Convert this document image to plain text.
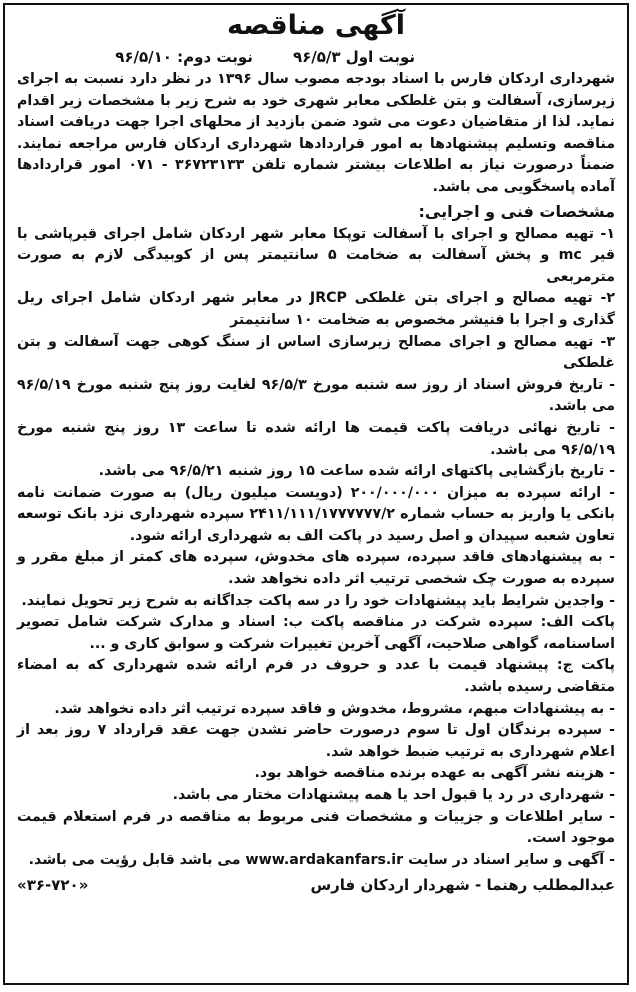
آگهی مناقصه
نوبت اول ۹۶/۵/۳
نوبت دوم: ۹۶/۵/۱۰

شهرداری اردکان فارس با اسناد بودجه مصوب سال ۱۳۹۶ در نظر دارد نسبت به اجرای زیرسازی، آسفالت و بتن غلطکی معابر شهری خود به شرح زیر با مشخصات زیر اقدام نماید. لذا از متقاضیان دعوت می شود ضمن بازدید از محلهای اجرا جهت دریافت اسناد مناقصه وتسلیم پیشنهادها به امور قراردادها شهرداری اردکان فارس مراجعه نمایند. ضمناً درصورت نیاز به اطلاعات بیشتر شماره تلفن ۳۶۷۲۳۱۳۳ - ۰۷۱ امور قراردادها آماده پاسخگویی می باشد.

مشخصات فنی و اجرایی:

۱- تهیه مصالح و اجرای با آسفالت توپکا معابر شهر اردکان شامل اجرای قیرپاشی با قیر mc و پخش آسفالت به ضخامت ۵ سانتیمتر پس از کوبیدگی لازم به صورت مترمربعی

۲- تهیه مصالح و اجرای بتن غلطکی JRCP در معابر شهر اردکان شامل اجرای ریل گذاری و اجرا با فنیشر مخصوص به ضخامت ۱۰ سانتیمتر

۳- تهیه مصالح و اجرای مصالح زیرسازی اساس از سنگ کوهی جهت آسفالت و بتن غلطکی

- تاریخ فروش اسناد از روز سه شنبه مورخ ۹۶/۵/۳ لغایت روز پنج شنبه مورخ ۹۶/۵/۱۹ می باشد.

- تاریخ نهائی دریافت پاکت قیمت ها ارائه شده تا ساعت ۱۳ روز پنج شنبه مورخ ۹۶/۵/۱۹ می باشد.

- تاریخ بازگشایی پاکتهای ارائه شده ساعت ۱۵ روز شنبه ۹۶/۵/۲۱ می باشد.

- ارائه سپرده به میزان ۲۰۰/۰۰۰/۰۰۰ (دویست میلیون ریال) به صورت ضمانت نامه بانکی یا واریز به حساب شماره ۲۴۱۱/۱۱۱/۱۷۷۷۷۷۷/۲ سپرده شهرداری نزد بانک توسعه تعاون شعبه سپیدان و اصل رسید در پاکت الف به شهرداری ارائه شود.

- به پیشنهادهای فاقد سپرده، سپرده های مخدوش، سپرده های کمتر از مبلغ مقرر و سپرده به صورت چک شخصی ترتیب اثر داده نخواهد شد.

- واجدین شرایط باید پیشنهادات خود را در سه پاکت جداگانه به شرح زیر تحویل نمایند.

پاکت الف: سپرده شرکت در مناقصه پاکت ب: اسناد و مدارک شرکت شامل تصویر اساسنامه، گواهی صلاحیت، آگهی آخرین تغییرات شرکت و سوابق کاری و ...

پاکت ج: پیشنهاد قیمت با عدد و حروف در فرم ارائه شده شهرداری که به امضاء متقاضی رسیده باشد.

- به پیشنهادات مبهم، مشروط، مخدوش و فاقد سپرده ترتیب اثر داده نخواهد شد.

- سپرده برندگان اول تا سوم درصورت حاضر نشدن جهت عقد قرارداد ۷ روز بعد از اعلام شهرداری به ترتیب ضبط خواهد شد.

- هزینه نشر آگهی به عهده برنده مناقصه خواهد بود.

- شهرداری در رد یا قبول احد یا همه پیشنهادات مختار می باشد.

- سایر اطلاعات و جزییات و مشخصات فنی مربوط به مناقصه در فرم استعلام قیمت موجود است.

- آگهی و سایر اسناد در سایت www.ardakanfars.ir می باشد قابل رؤیت می باشد.

عبدالمطلب رهنما - شهردار اردکان فارس
«۳۶-۷۲۰»
